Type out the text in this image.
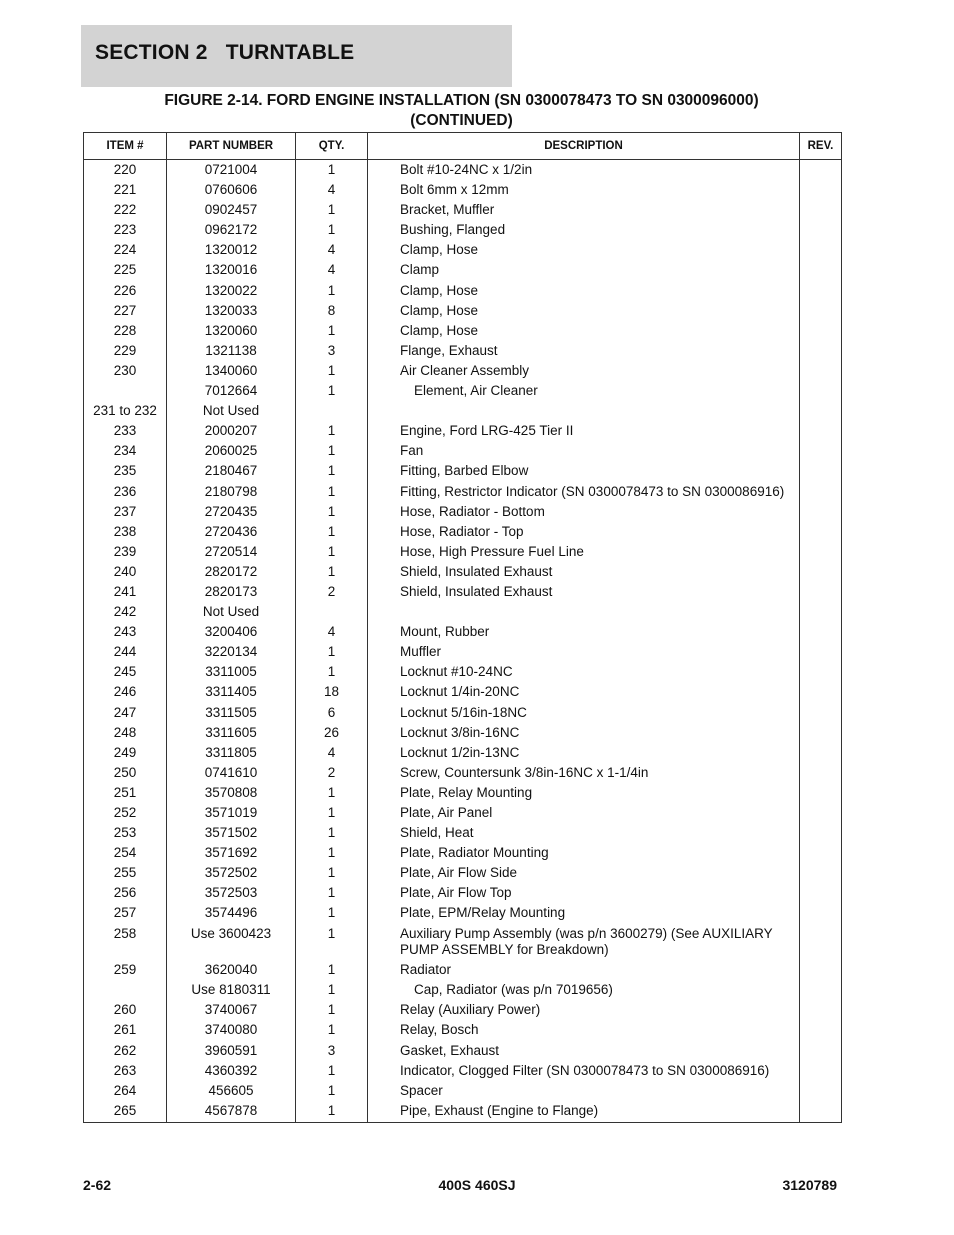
SECTION 2   TURNTABLE
FIGURE 2-14. FORD ENGINE INSTALLATION (SN 0300078473 TO SN 0300096000)
(CONTINUED)
ITEM #	PART NUMBER	QTY.	DESCRIPTION	REV.
220	0721004	1	Bolt #10-24NC x 1/2in	
221	0760606	4	Bolt 6mm x 12mm	
222	0902457	1	Bracket, Muffler	
223	0962172	1	Bushing, Flanged	
224	1320012	4	Clamp, Hose	
225	1320016	4	Clamp	
226	1320022	1	Clamp, Hose	
227	1320033	8	Clamp, Hose	
228	1320060	1	Clamp, Hose	
229	1321138	3	Flange, Exhaust	
230	1340060	1	Air Cleaner Assembly	
	7012664	1	Element, Air Cleaner	
231 to 232	Not Used			
233	2000207	1	Engine, Ford LRG-425 Tier II	
234	2060025	1	Fan	
235	2180467	1	Fitting, Barbed Elbow	
236	2180798	1	Fitting, Restrictor Indicator (SN 0300078473 to SN 0300086916)	
237	2720435	1	Hose, Radiator - Bottom	
238	2720436	1	Hose, Radiator - Top	
239	2720514	1	Hose, High Pressure Fuel Line	
240	2820172	1	Shield, Insulated Exhaust	
241	2820173	2	Shield, Insulated Exhaust	
242	Not Used			
243	3200406	4	Mount, Rubber	
244	3220134	1	Muffler	
245	3311005	1	Locknut #10-24NC	
246	3311405	18	Locknut 1/4in-20NC	
247	3311505	6	Locknut 5/16in-18NC	
248	3311605	26	Locknut 3/8in-16NC	
249	3311805	4	Locknut 1/2in-13NC	
250	0741610	2	Screw, Countersunk 3/8in-16NC x 1-1/4in	
251	3570808	1	Plate, Relay Mounting	
252	3571019	1	Plate, Air Panel	
253	3571502	1	Shield, Heat	
254	3571692	1	Plate, Radiator Mounting	
255	3572502	1	Plate, Air Flow Side	
256	3572503	1	Plate, Air Flow Top	
257	3574496	1	Plate, EPM/Relay Mounting	
258	Use 3600423	1	Auxiliary Pump Assembly (was p/n 3600279) (See AUXILIARY PUMP ASSEMBLY for Breakdown)	
259	3620040	1	Radiator	
	Use 8180311	1	Cap, Radiator (was p/n 7019656)	
260	3740067	1	Relay (Auxiliary Power)	
261	3740080	1	Relay, Bosch	
262	3960591	3	Gasket, Exhaust	
263	4360392	1	Indicator, Clogged Filter (SN 0300078473 to SN 0300086916)	
264	456605	1	Spacer	
265	4567878	1	Pipe, Exhaust (Engine to Flange)	
2-62	400S 460SJ	3120789
